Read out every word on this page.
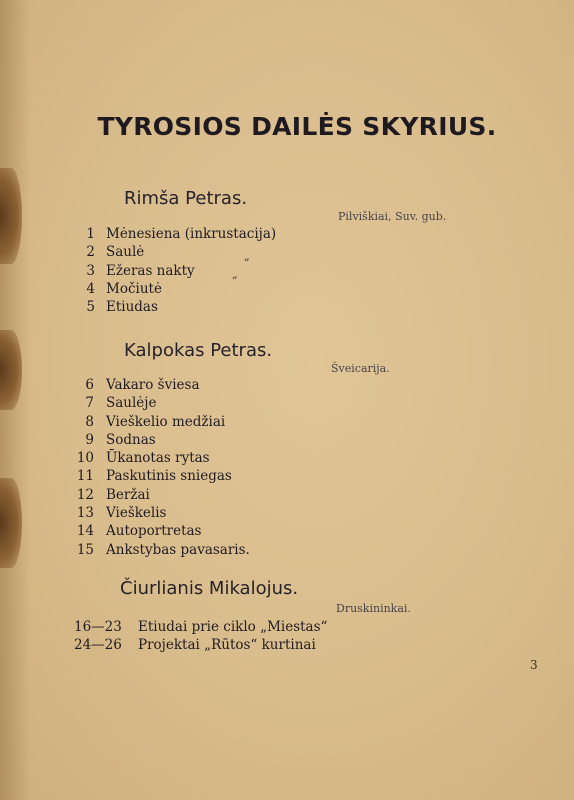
TYROSIOS DAILĖS SKYRIUS.
Rimša Petras.
Pilviškiai, Suv. gub.
1 Mėnesiena (inkrustacija)
2 Saulė
3 Ežeras nakty
4 Močiutė
5 Etiudas
„
„
Kalpokas Petras.
Šveicarija.
6 Vakaro šviesa
7 Saulėje
8 Vieškelio medžiai
9 Sodnas
10 Ūkanotas rytas
11 Paskutinis sniegas
12 Beržai
13 Vieškelis
14 Autoportretas
15 Ankstybas pavasaris.
Čiurlianis Mikalojus.
Druskininkai.
16—23	Etiudai prie ciklo „Miestas“
24—26	Projektai „Rūtos“ kurtinai
3
